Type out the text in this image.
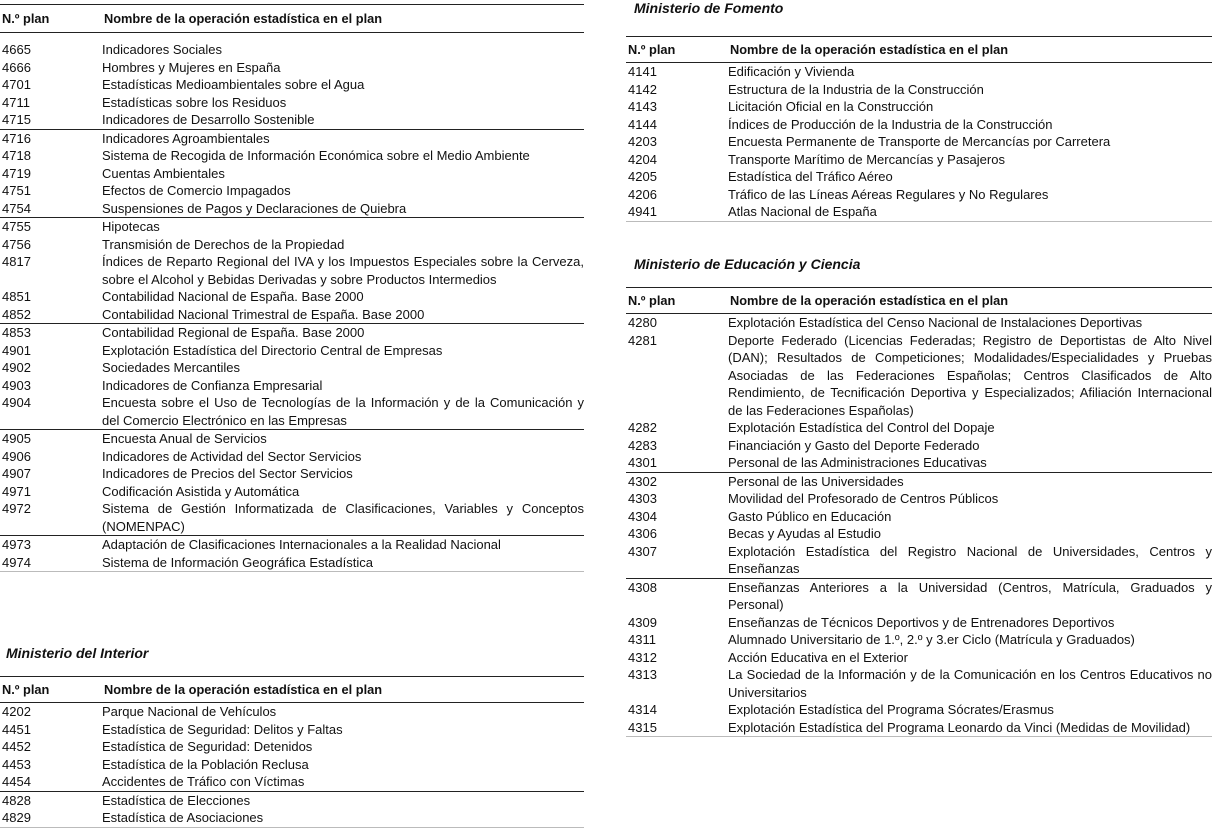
N.º plan	Nombre de la operación estadística en el plan
4665	Indicadores Sociales
4666	Hombres y Mujeres en España
4701	Estadísticas Medioambientales sobre el Agua
4711	Estadísticas sobre los Residuos
4715	Indicadores de Desarrollo Sostenible
4716	Indicadores Agroambientales
4718	Sistema de Recogida de Información Económica sobre el Medio Ambiente
4719	Cuentas Ambientales
4751	Efectos de Comercio Impagados
4754	Suspensiones de Pagos y Declaraciones de Quiebra
4755	Hipotecas
4756	Transmisión de Derechos de la Propiedad
4817	Índices de Reparto Regional del IVA y los Impuestos Especiales sobre la Cerveza, sobre el Alcohol y Bebidas Derivadas y sobre Productos Intermedios
4851	Contabilidad Nacional de España. Base 2000
4852	Contabilidad Nacional Trimestral de España. Base 2000
4853	Contabilidad Regional de España. Base 2000
4901	Explotación Estadística del Directorio Central de Empresas
4902	Sociedades Mercantiles
4903	Indicadores de Confianza Empresarial
4904	Encuesta sobre el Uso de Tecnologías de la Información y de la Comunicación y del Comercio Electrónico en las Empresas
4905	Encuesta Anual de Servicios
4906	Indicadores de Actividad del Sector Servicios
4907	Indicadores de Precios del Sector Servicios
4971	Codificación Asistida y Automática
4972	Sistema de Gestión Informatizada de Clasificaciones, Variables y Conceptos (NOMENPAC)
4973	Adaptación de Clasificaciones Internacionales a la Realidad Nacional
4974	Sistema de Información Geográfica Estadística
Ministerio del Interior
N.º plan	Nombre de la operación estadística en el plan
4202	Parque Nacional de Vehículos
4451	Estadística de Seguridad: Delitos y Faltas
4452	Estadística de Seguridad: Detenidos
4453	Estadística de la Población Reclusa
4454	Accidentes de Tráfico con Víctimas
4828	Estadística de Elecciones
4829	Estadística de Asociaciones
Ministerio de Fomento
N.º plan	Nombre de la operación estadística en el plan
4141	Edificación y Vivienda
4142	Estructura de la Industria de la Construcción
4143	Licitación Oficial en la Construcción
4144	Índices de Producción de la Industria de la Construcción
4203	Encuesta Permanente de Transporte de Mercancías por Carretera
4204	Transporte Marítimo de Mercancías y Pasajeros
4205	Estadística del Tráfico Aéreo
4206	Tráfico de las Líneas Aéreas Regulares y No Regulares
4941	Atlas Nacional de España
Ministerio de Educación y Ciencia
N.º plan	Nombre de la operación estadística en el plan
4280	Explotación Estadística del Censo Nacional de Instalaciones Deportivas
4281	Deporte Federado (Licencias Federadas; Registro de Deportistas de Alto Nivel (DAN); Resultados de Competiciones; Modalidades/Especialidades y Pruebas Asociadas de las Federaciones Españolas; Centros Clasificados de Alto Rendimiento, de Tecnificación Deportiva y Especializados; Afiliación Internacional de las Federaciones Españolas)
4282	Explotación Estadística del Control del Dopaje
4283	Financiación y Gasto del Deporte Federado
4301	Personal de las Administraciones Educativas
4302	Personal de las Universidades
4303	Movilidad del Profesorado de Centros Públicos
4304	Gasto Público en Educación
4306	Becas y Ayudas al Estudio
4307	Explotación Estadística del Registro Nacional de Universidades, Centros y Enseñanzas
4308	Enseñanzas Anteriores a la Universidad (Centros, Matrícula, Graduados y Personal)
4309	Enseñanzas de Técnicos Deportivos y de Entrenadores Deportivos
4311	Alumnado Universitario de 1.º, 2.º y 3.er Ciclo (Matrícula y Graduados)
4312	Acción Educativa en el Exterior
4313	La Sociedad de la Información y de la Comunicación en los Centros Educativos no Universitarios
4314	Explotación Estadística del Programa Sócrates/Erasmus
4315	Explotación Estadística del Programa Leonardo da Vinci (Medidas de Movilidad)
